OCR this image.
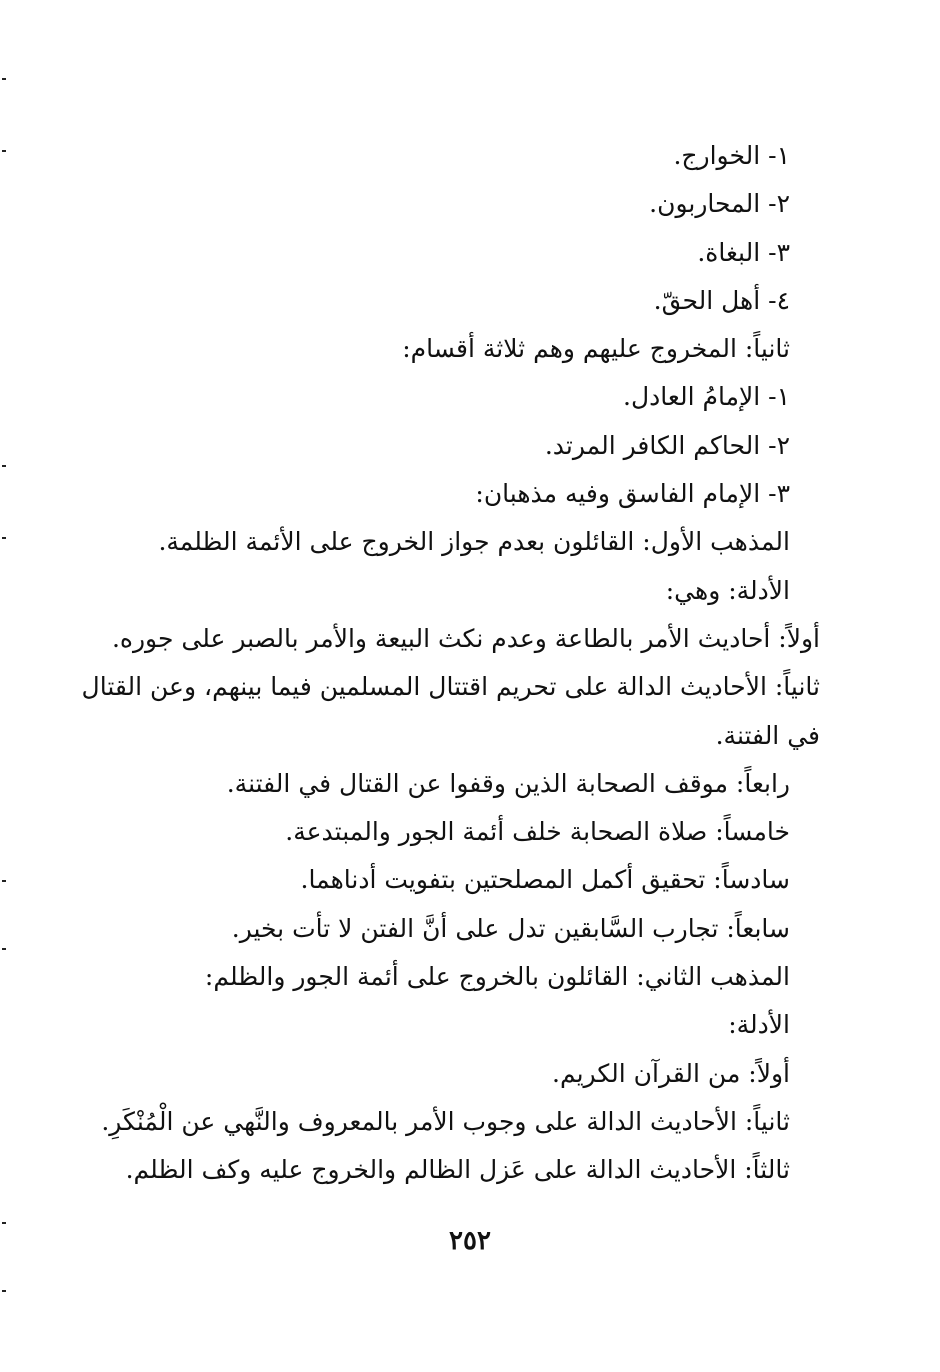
١- الخوارج.
٢- المحاربون.
٣- البغاة.
٤- أهل الحقّ.
ثانياً: المخروج عليهم وهم ثلاثة أقسام:
١- الإمامُ العادل.
٢- الحاكم الكافر المرتد.
٣- الإمام الفاسق وفيه مذهبان:
المذهب الأول: القائلون بعدم جواز الخروج على الأئمة الظلمة.
الأدلة: وهي:
أولاً: أحاديث الأمر بالطاعة وعدم نكث البيعة والأمر بالصبر على جوره.
ثانياً: الأحاديث الدالة على تحريم اقتتال المسلمين فيما بينهم، وعن القتال
في الفتنة.
رابعاً: موقف الصحابة الذين وقفوا عن القتال في الفتنة.
خامساً: صلاة الصحابة خلف أئمة الجور والمبتدعة.
سادساً: تحقيق أكمل المصلحتين بتفويت أدناهما.
سابعاً: تجارب السَّابقين تدل على أنَّ الفتن لا تأت بخير.
المذهب الثاني: القائلون بالخروج على أئمة الجور والظلم:
الأدلة:
أولاً: من القرآن الكريم.
ثانياً: الأحاديث الدالة على وجوب الأمر بالمعروف والنَّهي عن الْمُنْكَرِ.
ثالثاً: الأحاديث الدالة على عَزل الظالم والخروج عليه وكف الظلم.
٢٥٢
